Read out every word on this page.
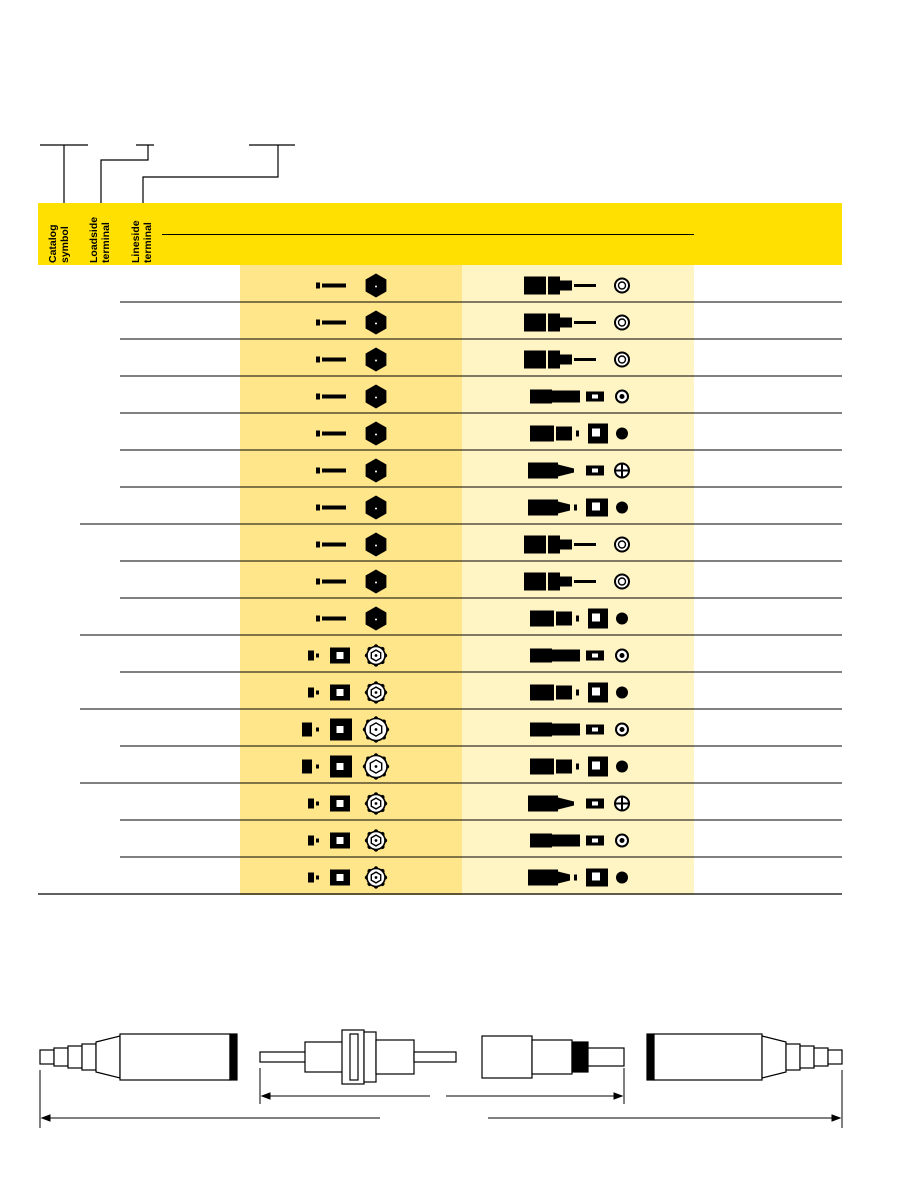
Catalog
symbol Loadside
terminal Lineside
terminal
